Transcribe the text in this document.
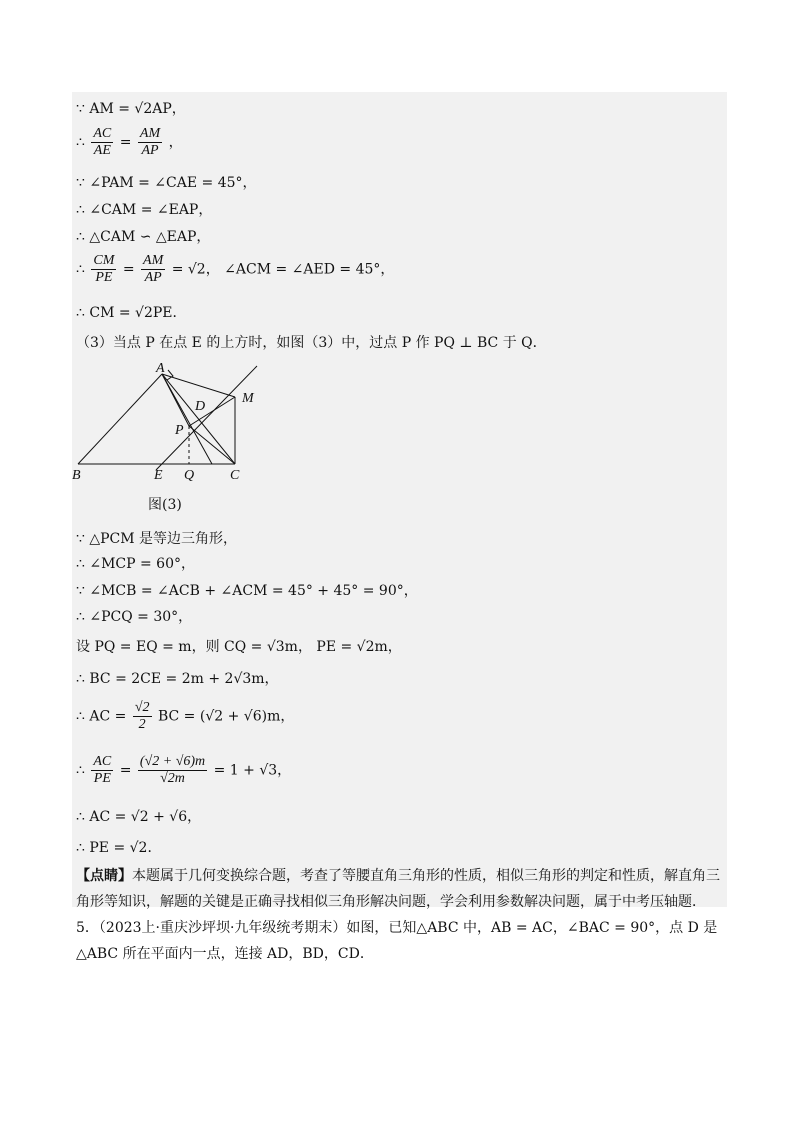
∵ AM = √2AP，
∴ $\frac{AC}{AE} = \frac{AM}{AP}$ ，
∵ ∠PAM = ∠CAE = 45°，
∴ ∠CAM = ∠EAP，
∴ △CAM ∽ △EAP，
∴ $\frac{CM}{PE} = \frac{AM}{AP} = √2$， ∠ACM = ∠AED = 45°，
∴ CM = √2PE．
（3）当点 P 在点 E 的上方时，如图（3）中，过点 P 作 PQ ⊥ BC 于 Q．
A
M
D
P
B	E Q	C
图(3)
∵ △PCM 是等边三角形，
∴ ∠MCP = 60°，
∵ ∠MCB = ∠ACB + ∠ACM = 45° + 45° = 90°，
∴ ∠PCQ = 30°，
设 PQ = EQ = m，则 CQ = √3m， PE = √2m，
∴ BC = 2CE = 2m + 2√3m，
∴ AC = $\frac{√2}{2}$ BC = (√2 + √6)m，
∴ $\frac{AC}{PE} = \frac{(√2 + √6)m}{√2m} = 1 + √3$，
∴ AC = √2 + √6，
∴ PE = √2．
【点睛】本题属于几何变换综合题，考查了等腰直角三角形的性质，相似三角形的判定和性质，解直角三角形等知识，解题的关键是正确寻找相似三角形解决问题，学会利用参数解决问题，属于中考压轴题．
5．（2023上·重庆沙坪坝·九年级统考期末）如图，已知△ABC 中，AB = AC，∠BAC = 90°，点 D 是△ABC 所在平面内一点，连接 AD，BD，CD．
